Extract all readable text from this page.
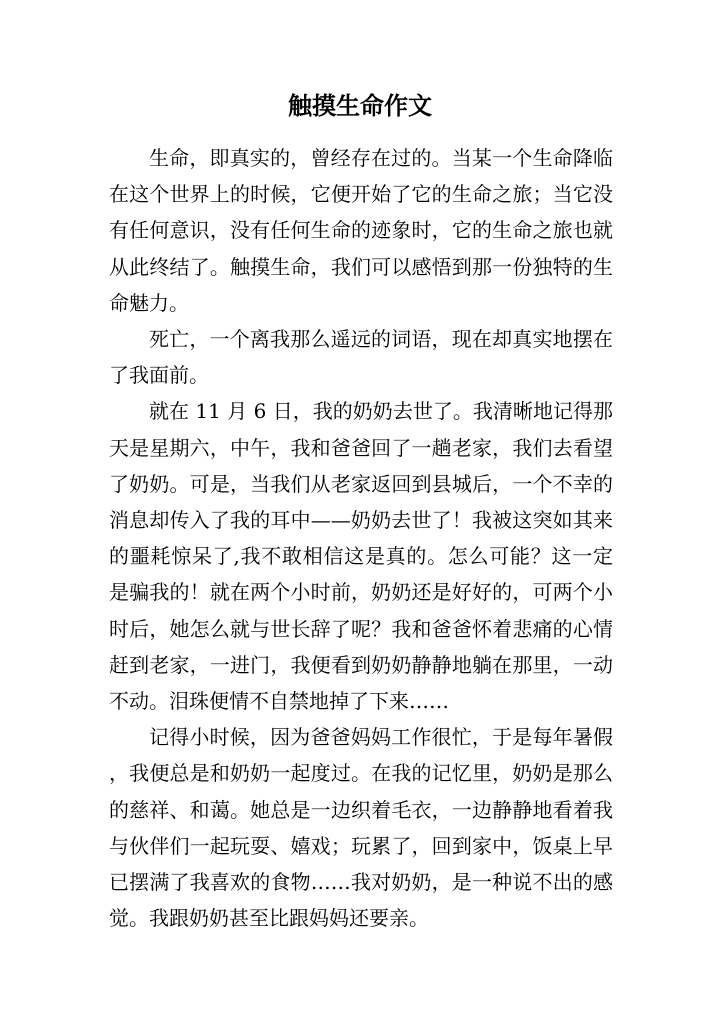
触摸生命作文

生命，即真实的，曾经存在过的。当某一个生命降临在这个世界上的时候，它便开始了它的生命之旅；当它没有任何意识，没有任何生命的迹象时，它的生命之旅也就从此终结了。触摸生命，我们可以感悟到那一份独特的生命魅力。

死亡，一个离我那么遥远的词语，现在却真实地摆在了我面前。

就在 11 月 6 日，我的奶奶去世了。我清晰地记得那天是星期六，中午，我和爸爸回了一趟老家，我们去看望了奶奶。可是，当我们从老家返回到县城后，一个不幸的消息却传入了我的耳中——奶奶去世了！我被这突如其来的噩耗惊呆了,我不敢相信这是真的。怎么可能？这一定是骗我的！就在两个小时前，奶奶还是好好的，可两个小时后，她怎么就与世长辞了呢？我和爸爸怀着悲痛的心情赶到老家，一进门，我便看到奶奶静静地躺在那里，一动不动。泪珠便情不自禁地掉了下来……

记得小时候，因为爸爸妈妈工作很忙，于是每年暑假，我便总是和奶奶一起度过。在我的记忆里，奶奶是那么的慈祥、和蔼。她总是一边织着毛衣，一边静静地看着我与伙伴们一起玩耍、嬉戏；玩累了，回到家中，饭桌上早已摆满了我喜欢的食物……我对奶奶，是一种说不出的感觉。我跟奶奶甚至比跟妈妈还要亲。
